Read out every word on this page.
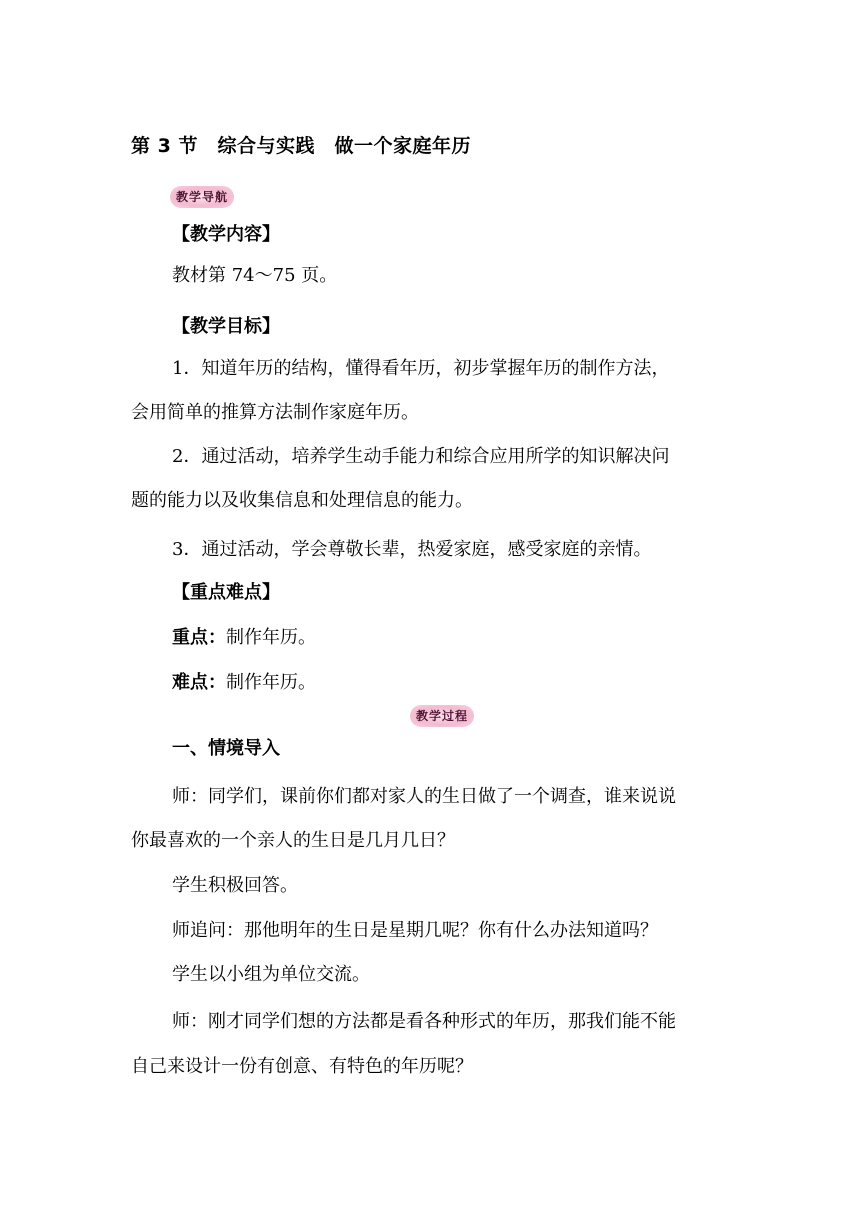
第 3 节　综合与实践　做一个家庭年历
教学导航
【教学内容】
教材第 74～75 页。
【教学目标】
1．知道年历的结构，懂得看年历，初步掌握年历的制作方法，
会用简单的推算方法制作家庭年历。
2．通过活动，培养学生动手能力和综合应用所学的知识解决问
题的能力以及收集信息和处理信息的能力。
3．通过活动，学会尊敬长辈，热爱家庭，感受家庭的亲情。
【重点难点】
重点：制作年历。
难点：制作年历。
教学过程
一、情境导入
师：同学们，课前你们都对家人的生日做了一个调查，谁来说说
你最喜欢的一个亲人的生日是几月几日？
学生积极回答。
师追问：那他明年的生日是星期几呢？你有什么办法知道吗？
学生以小组为单位交流。
师：刚才同学们想的方法都是看各种形式的年历，那我们能不能
自己来设计一份有创意、有特色的年历呢？
